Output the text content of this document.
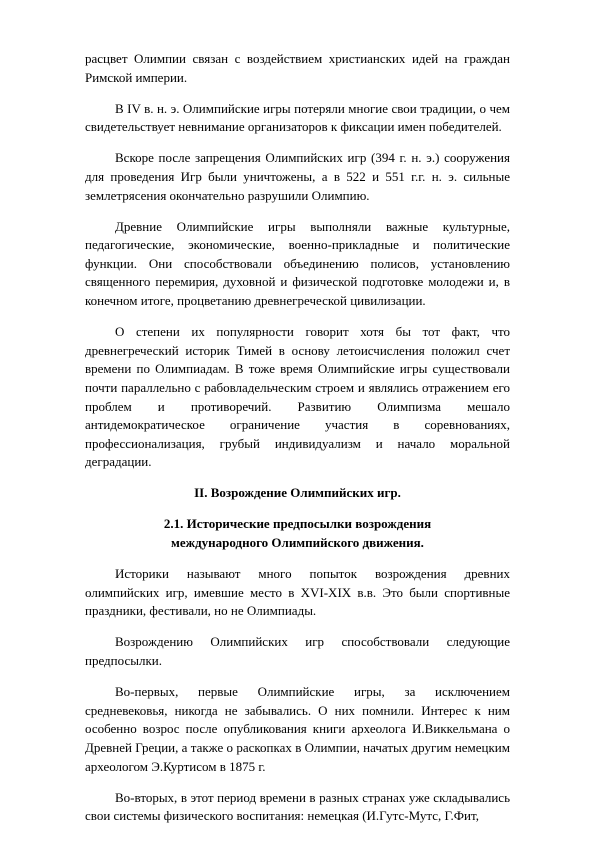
расцвет Олимпии связан с воздействием христианских идей на граждан Римской империи.

В IV в. н. э. Олимпийские игры потеряли многие свои традиции, о чем свидетельствует невнимание организаторов к фиксации имен победителей.

Вскоре после запрещения Олимпийских игр (394 г. н. э.) сооружения для проведения Игр были уничтожены, а в 522 и 551 г.г. н. э. сильные землетрясения окончательно разрушили Олимпию.

Древние Олимпийские игры выполняли важные культурные, педагогические, экономические, военно-прикладные и политические функции. Они способствовали объединению полисов, установлению священного перемирия, духовной и физической подготовке молодежи и, в конечном итоге, процветанию древнегреческой цивилизации.

О степени их популярности говорит хотя бы тот факт, что древнегреческий историк Тимей в основу летоисчисления положил счет времени по Олимпиадам. В тоже время Олимпийские игры существовали почти параллельно с рабовладельческим строем и являлись отражением его проблем и противоречий. Развитию Олимпизма мешало антидемократическое ограничение участия в соревнованиях, профессионализация, грубый индивидуализм и начало моральной деградации.

II. Возрождение Олимпийских игр.

2.1. Исторические предпосылки возрождения международного Олимпийского движения.

Историки называют много попыток возрождения древних олимпийских игр, имевшие место в XVI-XIX в.в. Это были спортивные праздники, фестивали, но не Олимпиады.

Возрождению Олимпийских игр способствовали следующие предпосылки.

Во-первых, первые Олимпийские игры, за исключением средневековья, никогда не забывались. О них помнили. Интерес к ним особенно возрос после опубликования книги археолога И.Виккельмана о Древней Греции, а также о раскопках в Олимпии, начатых другим немецким археологом Э.Куртисом в 1875 г.

Во-вторых, в этот период времени в разных странах уже складывались свои системы физического воспитания: немецкая (И.Гутс-Мутс, Г.Фит,
